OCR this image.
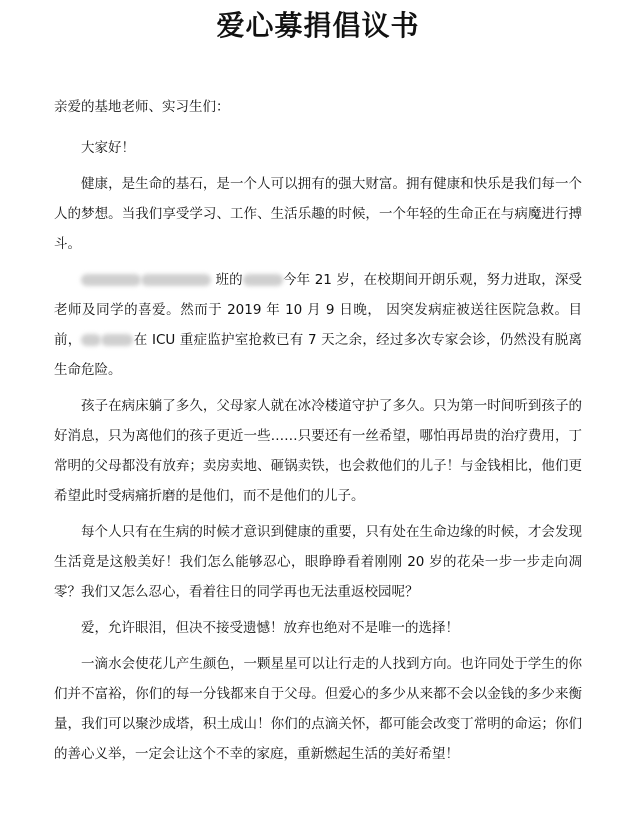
爱心募捐倡议书

亲爱的基地老师、实习生们：

大家好！

健康，是生命的基石，是一个人可以拥有的强大财富。拥有健康和快乐是我们每一个人的梦想。当我们享受学习、工作、生活乐趣的时候，一个年轻的生命正在与病魔进行搏斗。

班的	今年 21 岁，在校期间开朗乐观，努力进取，深受老师及同学的喜爱。然而于 2019 年 10 月 9 日晚， 因突发病症被送往医院急救。目前，	在 ICU 重症监护室抢救已有 7 天之余，经过多次专家会诊，仍然没有脱离生命危险。

孩子在病床躺了多久，父母家人就在冰冷楼道守护了多久。只为第一时间听到孩子的好消息，只为离他们的孩子更近一些……只要还有一丝希望，哪怕再昂贵的治疗费用，丁常明的父母都没有放弃；卖房卖地、砸锅卖铁，也会救他们的儿子！与金钱相比，他们更希望此时受病痛折磨的是他们，而不是他们的儿子。

每个人只有在生病的时候才意识到健康的重要，只有处在生命边缘的时候，才会发现生活竟是这般美好！我们怎么能够忍心，眼睁睁看着刚刚 20 岁的花朵一步一步走向凋零？我们又怎么忍心，看着往日的同学再也无法重返校园呢？

爱，允许眼泪，但决不接受遗憾！放弃也绝对不是唯一的选择！

一滴水会使花儿产生颜色，一颗星星可以让行走的人找到方向。也许同处于学生的你们并不富裕，你们的每一分钱都来自于父母。但爱心的多少从来都不会以金钱的多少来衡量，我们可以聚沙成塔，积土成山！你们的点滴关怀，都可能会改变丁常明的命运；你们的善心义举，一定会让这个不幸的家庭，重新燃起生活的美好希望！
